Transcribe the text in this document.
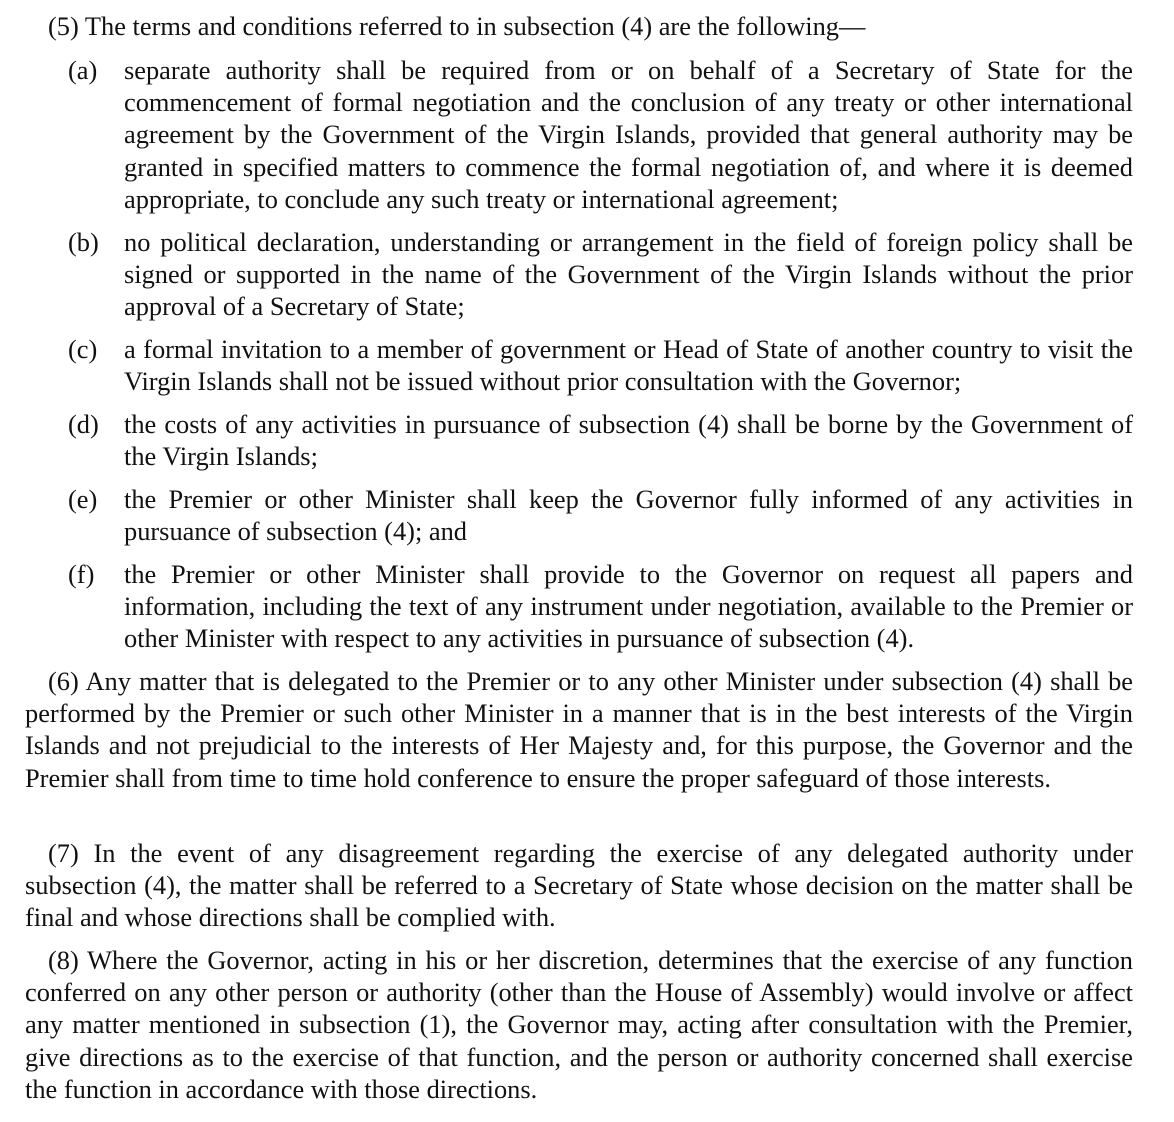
(5) The terms and conditions referred to in subsection (4) are the following—

(a) separate authority shall be required from or on behalf of a Secretary of State for the commencement of formal negotiation and the conclusion of any treaty or other international agreement by the Government of the Virgin Islands, provided that general authority may be granted in specified matters to commence the formal negotiation of, and where it is deemed appropriate, to conclude any such treaty or international agreement;
(b) no political declaration, understanding or arrangement in the field of foreign policy shall be signed or supported in the name of the Government of the Virgin Islands without the prior approval of a Secretary of State;
(c) a formal invitation to a member of government or Head of State of another country to visit the Virgin Islands shall not be issued without prior consultation with the Governor;
(d) the costs of any activities in pursuance of subsection (4) shall be borne by the Government of the Virgin Islands;
(e) the Premier or other Minister shall keep the Governor fully informed of any activities in pursuance of subsection (4); and
(f) the Premier or other Minister shall provide to the Governor on request all papers and information, including the text of any instrument under negotiation, available to the Premier or other Minister with respect to any activities in pursuance of subsection (4).

(6) Any matter that is delegated to the Premier or to any other Minister under subsection (4) shall be performed by the Premier or such other Minister in a manner that is in the best interests of the Virgin Islands and not prejudicial to the interests of Her Majesty and, for this purpose, the Governor and the Premier shall from time to time hold conference to ensure the proper safeguard of those interests.

(7) In the event of any disagreement regarding the exercise of any delegated authority under subsection (4), the matter shall be referred to a Secretary of State whose decision on the matter shall be final and whose directions shall be complied with.

(8) Where the Governor, acting in his or her discretion, determines that the exercise of any function conferred on any other person or authority (other than the House of Assembly) would involve or affect any matter mentioned in subsection (1), the Governor may, acting after consultation with the Premier, give directions as to the exercise of that function, and the person or authority concerned shall exercise the function in accordance with those directions.
